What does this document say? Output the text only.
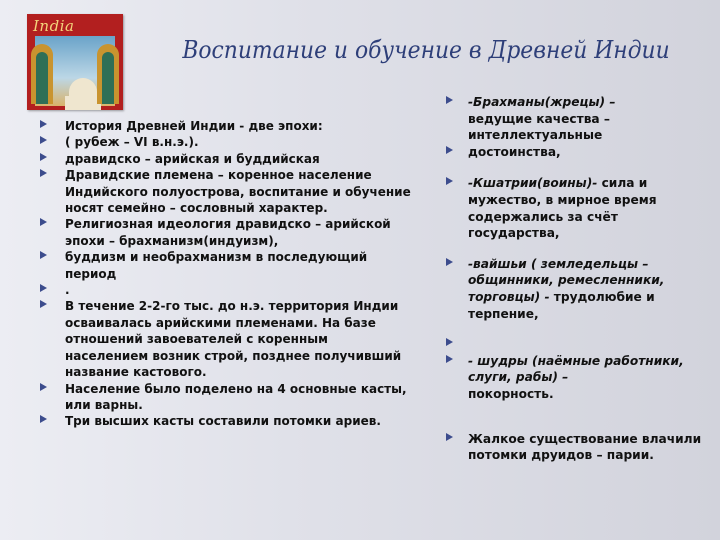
India
Воспитание и обучение в Древней Индии

История Древней Индии - две эпохи:

( рубеж – VI в.н.э.).

дравидско – арийская и буддийская

Дравидские племена – коренное население Индийского полуострова, воспитание и обучение носят семейно – сословный характер.

Религиозная идеология дравидско – арийской эпохи – брахманизм(индуизм),

буддизм и необрахманизм в последующий период

.

В течение 2-2-го тыс. до н.э. территория Индии осваивалась арийскими племенами. На базе отношений завоевателей с коренным населением возник строй, позднее получивший название кастового.

Население было поделено на 4 основные касты, или варны.

Три высших касты составили потомки ариев.

-Брахманы(жрецы) –
ведущие качества – интеллектуальные

достоинства,

-Кшатрии(воины)- сила и мужество, в мирное время содержались за счёт государства,

-вайшьи ( земледельцы – общинники, ремесленники, торговцы) - трудолюбие и терпение,

- шудры (наёмные работники, слуги, рабы) –
покорность.

Жалкое существование влачили потомки друидов – парии.
